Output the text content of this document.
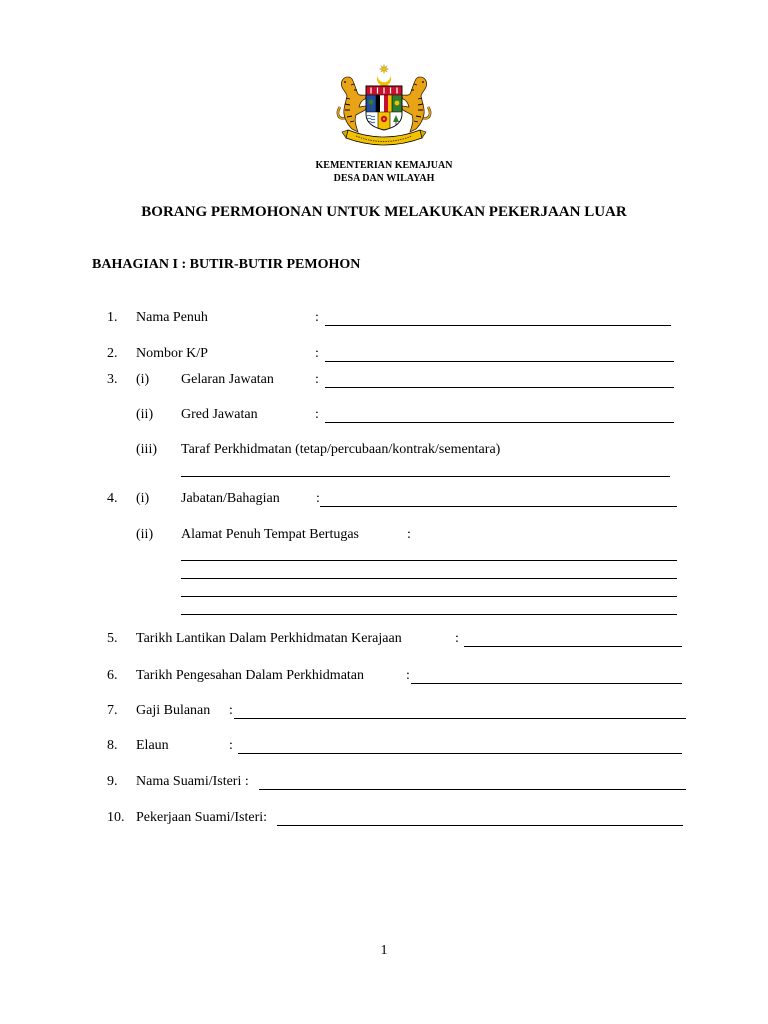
KEMENTERIAN KEMAJUAN
DESA DAN WILAYAH
BORANG PERMOHONAN UNTUK MELAKUKAN PEKERJAAN LUAR
BAHAGIAN I : BUTIR-BUTIR PEMOHON
1. Nama Penuh	:
2. Nombor K/P	:
3. (i) Gelaran Jawatan	:
(ii) Gred Jawatan	:
(iii) Taraf Perkhidmatan (tetap/percubaan/kontrak/sementara)
4. (i) Jabatan/Bahagian	:
(ii) Alamat Penuh Tempat Bertugas	:
5. Tarikh Lantikan Dalam Perkhidmatan Kerajaan	:
6. Tarikh Pengesahan Dalam Perkhidmatan	:
7. Gaji Bulanan :
8. Elaun	:
9. Nama Suami/Isteri :
10. Pekerjaan Suami/Isteri:
1
